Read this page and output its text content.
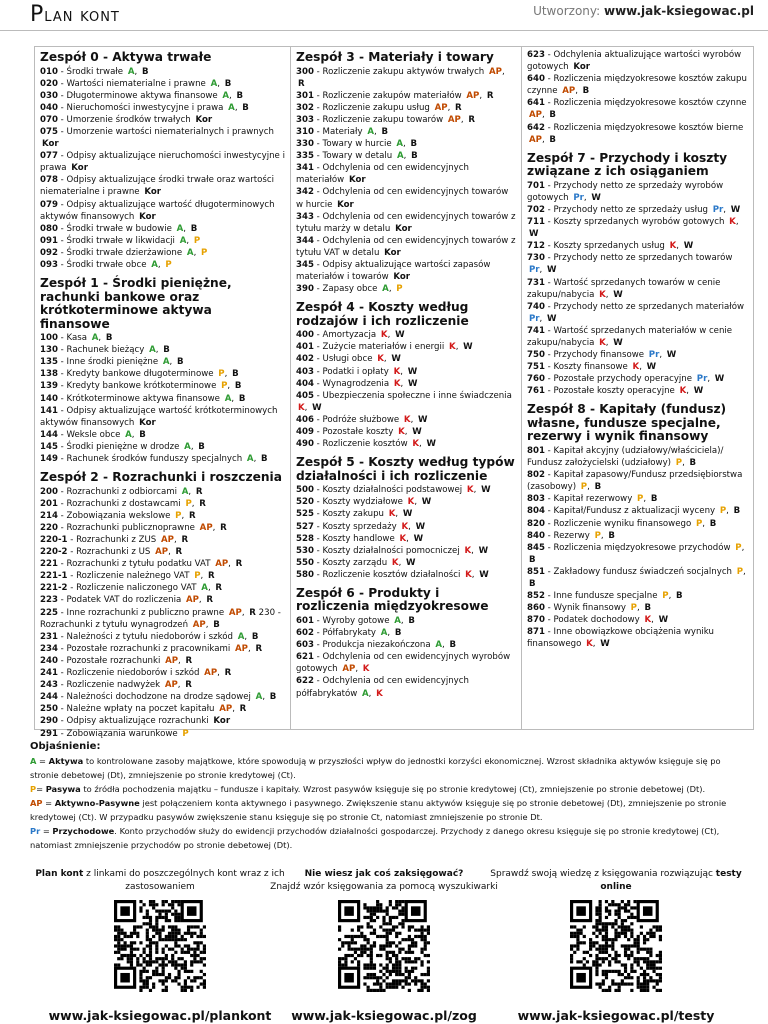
Plan kont	Utworzony: www.jak-ksiegowac.pl
Zespół 0 - Aktywa trwałe
010 - Środki trwałe A, B
020 - Wartości niematerialne i prawne A, B
030 - Długoterminowe aktywa finansowe A, B
040 - Nieruchomości inwestycyjne i prawa A, B
070 - Umorzenie środków trwałych Kor
075 - Umorzenie wartości niematerialnych i prawnych Kor
077 - Odpisy aktualizujące nieruchomości inwestycyjne i prawa Kor
078 - Odpisy aktualizujące środki trwałe oraz wartości niematerialne i prawne Kor
079 - Odpisy aktualizujące wartość długoterminowych aktywów finansowych Kor
080 - Środki trwałe w budowie A, B
091 - Środki trwałe w likwidacji A, P
092 - Środki trwałe dzierżawione A, P
093 - Środki trwałe obce A, P
Zespół 1 - Środki pieniężne, rachunki bankowe oraz krótkoterminowe aktywa finansowe
100 - Kasa A, B
130 - Rachunek bieżący A, B
135 - Inne środki pieniężne A, B
138 - Kredyty bankowe długoterminowe P, B
139 - Kredyty bankowe krótkoterminowe P, B
140 - Krótkoterminowe aktywa finansowe A, B
141 - Odpisy aktualizujące wartość krótkoterminowych aktywów finansowych Kor
144 - Weksle obce A, B
145 - Środki pieniężne w drodze A, B
149 - Rachunek środków funduszy specjalnych A, B
Zespół 2 - Rozrachunki i roszczenia
200 - Rozrachunki z odbiorcami A, R
201 - Rozrachunki z dostawcami P, R
214 - Zobowiązania wekslowe P, R
220 - Rozrachunki publicznoprawne AP, R
220-1 - Rozrachunki z ZUS AP, R
220-2 - Rozrachunki z US AP, R
221 - Rozrachunki z tytułu podatku VAT AP, R
221-1 - Rozliczenie należnego VAT P, R
221-2 - Rozliczenie naliczonego VAT A, R
223 - Podatek VAT do rozliczenia AP, R
225 - Inne rozrachunki z publiczno prawne AP, R 230 - Rozrachunki z tytułu wynagrodzeń AP, B
231 - Należności z tytułu niedoborów i szkód A, B
234 - Pozostałe rozrachunki z pracownikami AP, R
240 - Pozostałe rozrachunki AP, R
241 - Rozliczenie niedoborów i szkód AP, R
243 - Rozliczenie nadwyżek AP, R
244 - Należności dochodzone na drodze sądowej A, B
250 - Należne wpłaty na poczet kapitału AP, R
290 - Odpisy aktualizujące rozrachunki Kor
291 - Zobowiązania warunkowe P
Zespół 3 - Materiały i towary
300 - Rozliczenie zakupu aktywów trwałych AP, R
301 - Rozliczenie zakupów materiałów AP, R
302 - Rozliczenie zakupu usług AP, R
303 - Rozliczenie zakupu towarów AP, R
310 - Materiały A, B
330 - Towary w hurcie A, B
335 - Towary w detalu A, B
341 - Odchylenia od cen ewidencyjnych materiałów Kor
342 - Odchylenia od cen ewidencyjnych towarów w hurcie Kor
343 - Odchylenia od cen ewidencyjnych towarów z tytułu marży w detalu Kor
344 - Odchylenia od cen ewidencyjnych towarów z tytułu VAT w detalu Kor
345 - Odpisy aktualizujące wartości zapasów materiałów i towarów Kor
390 - Zapasy obce A, P
Zespół 4 - Koszty według rodzajów i ich rozliczenie
400 - Amortyzacja K, W
401 - Zużycie materiałów i energii K, W
402 - Usługi obce K, W
403 - Podatki i opłaty K, W
404 - Wynagrodzenia K, W
405 - Ubezpieczenia społeczne i inne świadczenia K, W
406 - Podróże służbowe K, W
409 - Pozostałe koszty K, W
490 - Rozliczenie kosztów K, W
Zespół 5 - Koszty według typów działalności i ich rozliczenie
500 - Koszty działalności podstawowej K, W
520 - Koszty wydziałowe K, W
525 - Koszty zakupu K, W
527 - Koszty sprzedaży K, W
528 - Koszty handlowe K, W
530 - Koszty działalności pomocniczej K, W
550 - Koszty zarządu K, W
580 - Rozliczenie kosztów działalności K, W
Zespół 6 - Produkty i rozliczenia międzyokresowe
601 - Wyroby gotowe A, B
602 - Półfabrykaty A, B
603 - Produkcja niezakończona A, B
621 - Odchylenia od cen ewidencyjnych wyrobów gotowych AP, K
622 - Odchylenia od cen ewidencyjnych półfabrykatów A, K
623 - Odchylenia aktualizujące wartości wyrobów gotowych Kor
640 - Rozliczenia międzyokresowe kosztów zakupu czynne AP, B
641 - Rozliczenia międzyokresowe kosztów czynne AP, B
642 - Rozliczenia międzyokresowe kosztów bierne AP, B
Zespół 7 - Przychody i koszty związane z ich osiąganiem
701 - Przychody netto ze sprzedaży wyrobów gotowych Pr, W
702 - Przychody netto ze sprzedaży usług Pr, W
711 - Koszty sprzedanych wyrobów gotowych K, W
712 - Koszty sprzedanych usług K, W
730 - Przychody netto ze sprzedanych towarów Pr, W
731 - Wartość sprzedanych towarów w cenie zakupu/nabycia K, W
740 - Przychody netto ze sprzedanych materiałów Pr, W
741 - Wartość sprzedanych materiałów w cenie zakupu/nabycia K, W
750 - Przychody finansowe Pr, W
751 - Koszty finansowe K, W
760 - Pozostałe przychody operacyjne Pr, W
761 - Pozostałe koszty operacyjne K, W
Zespół 8 - Kapitały (fundusz) własne, fundusze specjalne, rezerwy i wynik finansowy
801 - Kapitał akcyjny (udziałowy/właściciela)/ Fundusz założycielski (udziałowy) P, B
802 - Kapitał zapasowy/Fundusz przedsiębiorstwa (zasobowy) P, B
803 - Kapitał rezerwowy P, B
804 - Kapitał/Fundusz z aktualizacji wyceny P, B
820 - Rozliczenie wyniku finansowego P, B
840 - Rezerwy P, B
845 - Rozliczenia międzyokresowe przychodów P, B
851 - Zakładowy fundusz świadczeń socjalnych P, B
852 - Inne fundusze specjalne P, B
860 - Wynik finansowy P, B
870 - Podatek dochodowy K, W
871 - Inne obowiązkowe obciążenia wyniku finansowego K, W
Objaśnienie:
A = Aktywa to kontrolowane zasoby majątkowe, które spowodują w przyszłości wpływ do jednostki korzyści ekonomicznej. Wzrost składnika aktywów księguje się po stronie debetowej (Dt), zmniejszenie po stronie kredytowej (Ct).
P= Pasywa to źródła pochodzenia majątku – fundusze i kapitały. Wzrost pasywów księguje się po stronie kredytowej (Ct), zmniejszenie po stronie debetowej (Dt).
AP = Aktywno-Pasywne jest połączeniem konta aktywnego i pasywnego. Zwiększenie stanu aktywów księguje się po stronie debetowej (Dt), zmniejszenie po stronie kredytowej (Ct). W przypadku pasywów zwiększenie stanu księguje się po stronie Ct, natomiast zmniejszenie po stronie Dt.
Pr = Przychodowe. Konto przychodów służy do ewidencji przychodów działalności gospodarczej. Przychody z danego okresu księguje się po stronie kredytowej (Ct), natomiast zmniejszenie przychodów po stronie debetowej (Dt).
Plan kont z linkami do poszczególnych kont wraz z ich zastosowaniem
www.jak-ksiegowac.pl/plankont
Nie wiesz jak coś zaksięgować?
Znajdź wzór księgowania za pomocą wyszukiwarki
www.jak-ksiegowac.pl/zog
Sprawdź swoją wiedzę z księgowania rozwiązując testy online
www.jak-ksiegowac.pl/testy
